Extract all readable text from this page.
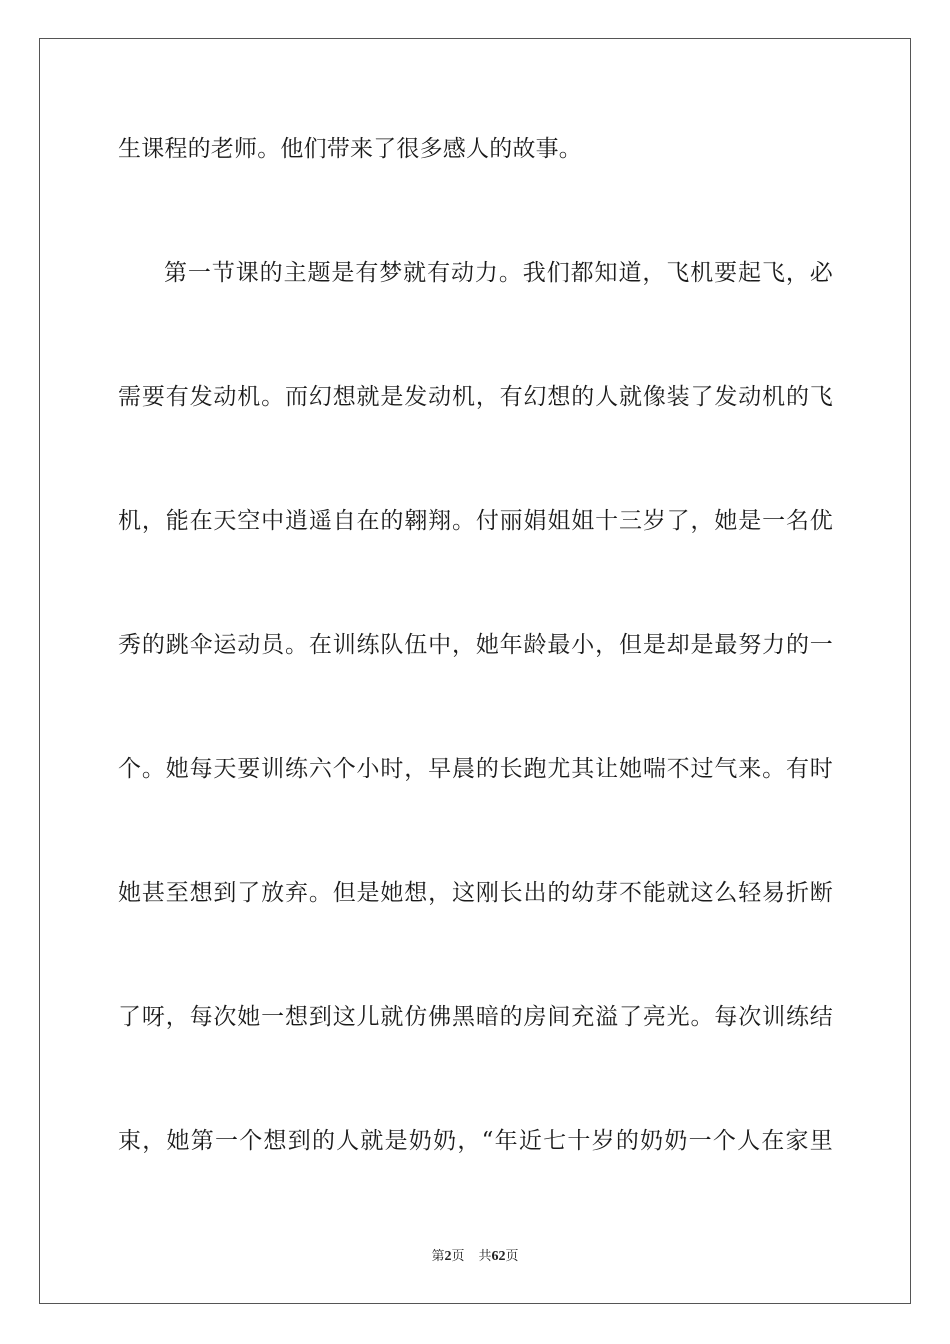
生课程的老师。他们带来了很多感人的故事。
第一节课的主题是有梦就有动力。我们都知道，飞机要起飞，必
需要有发动机。而幻想就是发动机，有幻想的人就像装了发动机的飞
机，能在天空中逍遥自在的翱翔。付丽娟姐姐十三岁了，她是一名优
秀的跳伞运动员。在训练队伍中，她年龄最小，但是却是最努力的一
个。她每天要训练六个小时，早晨的长跑尤其让她喘不过气来。有时
她甚至想到了放弃。但是她想，这刚长出的幼芽不能就这么轻易折断
了呀，每次她一想到这儿就仿佛黑暗的房间充溢了亮光。每次训练结
束，她第一个想到的人就是奶奶，“年近七十岁的奶奶一个人在家里
第2页 共62页
